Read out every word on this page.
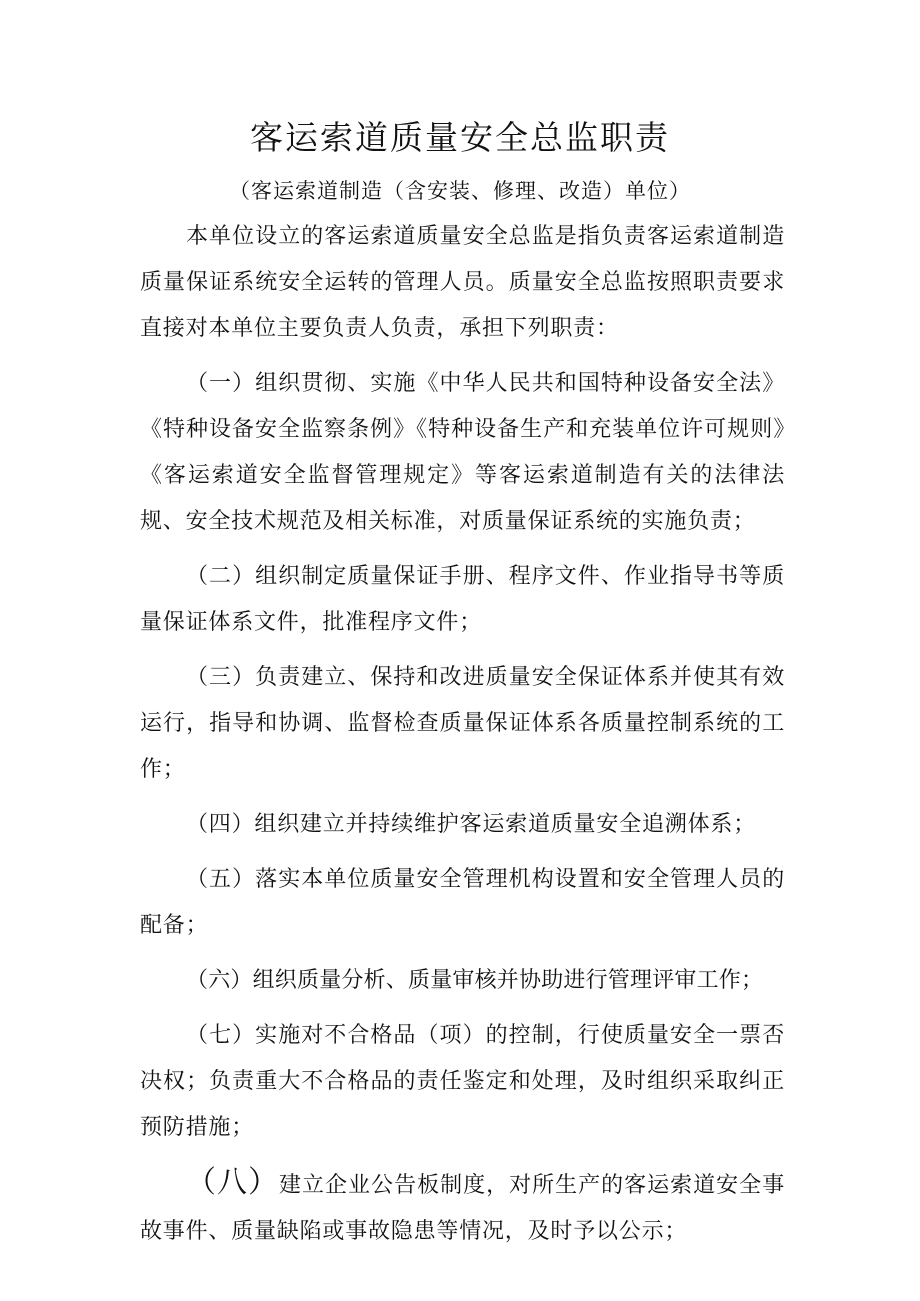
客运索道质量安全总监职责

（客运索道制造（含安装、修理、改造）单位）

本单位设立的客运索道质量安全总监是指负责客运索道制造质量保证系统安全运转的管理人员。质量安全总监按照职责要求直接对本单位主要负责人负责，承担下列职责：

（一）组织贯彻、实施《中华人民共和国特种设备安全法》《特种设备安全监察条例》《特种设备生产和充装单位许可规则》《客运索道安全监督管理规定》等客运索道制造有关的法律法规、安全技术规范及相关标准，对质量保证系统的实施负责；

（二）组织制定质量保证手册、程序文件、作业指导书等质量保证体系文件，批准程序文件；

（三）负责建立、保持和改进质量安全保证体系并使其有效运行，指导和协调、监督检查质量保证体系各质量控制系统的工作；

（四）组织建立并持续维护客运索道质量安全追溯体系；

（五）落实本单位质量安全管理机构设置和安全管理人员的配备；

（六）组织质量分析、质量审核并协助进行管理评审工作；

（七）实施对不合格品（项）的控制，行使质量安全一票否决权；负责重大不合格品的责任鉴定和处理，及时组织采取纠正预防措施；

（八）建立企业公告板制度，对所生产的客运索道安全事故事件、质量缺陷或事故隐患等情况，及时予以公示；
